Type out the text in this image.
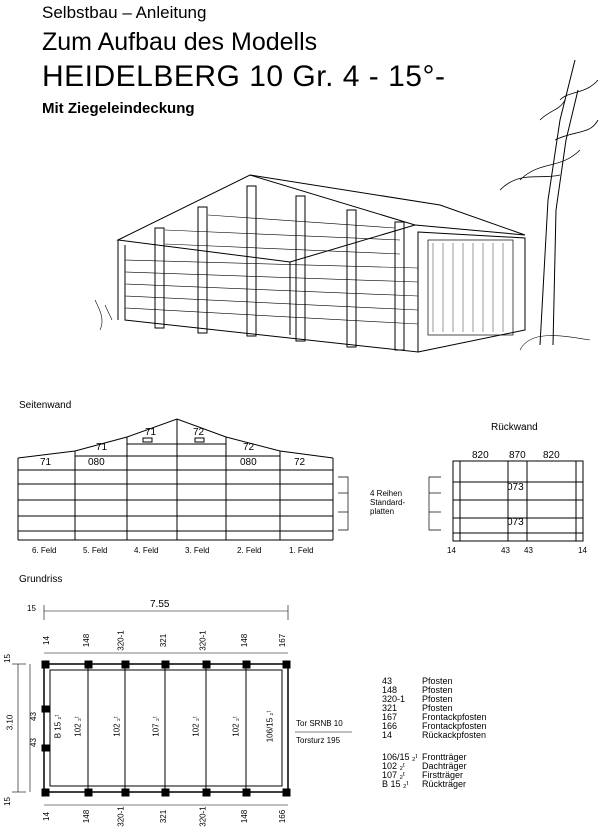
Selbstbau – Anleitung
Zum Aufbau des Modells
HEIDELBERG 10 Gr. 4 - 15°-
Mit Ziegeleindeckung
Seitenwand
71
71
71	72
72
72
080	080
6. Feld	5. Feld	4. Feld	3. Feld	2. Feld	1. Feld
4 Reihen
Standard-
platten
Rückwand
820 870 820
073
073
14	43 43	14
Grundriss
7.55
3.10
15
14	148	320-1	321	320-1	148	167
14	148	320-1	321	320-1	148	166
15
43
43
15
B 15 ₂ᵗ 102 ₂ᵗ	102 ₂ᵗ	107 ₂ᵗ	102 ₂ᵗ	102 ₂ᵗ	106/15 ₂ᵗ	Tor SRNB 10
Torsturz 195
43	Pfosten
148	Pfosten
320-1 Pfosten
321	Pfosten
167	Frontackpfosten
166	Frontackpfosten
14	Rückackpfosten
106/15 ₂ᵗ Frontträger
102 ₂ᵗ Dachträger
107 ₂ᵗ Firstträger
B 15 ₂ᵗ Rückträger
